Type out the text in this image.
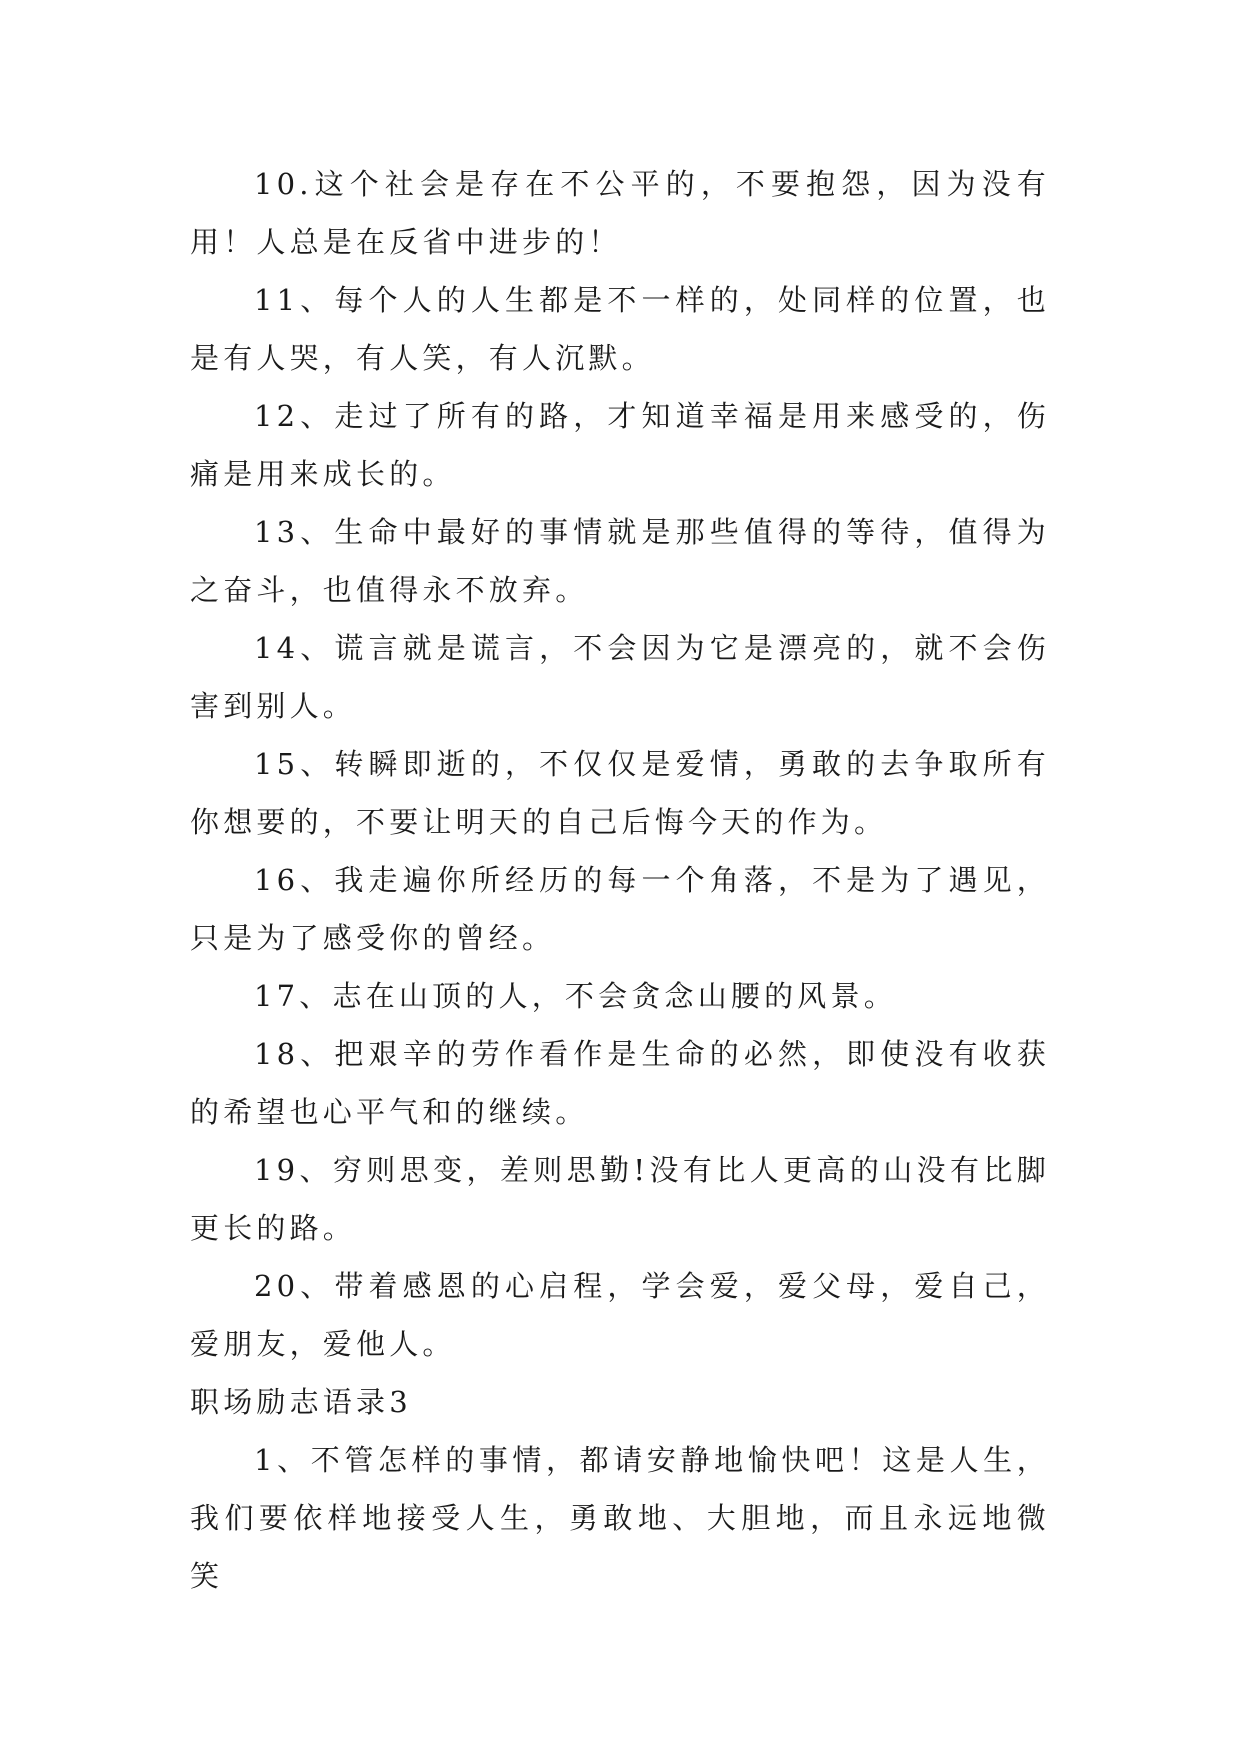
10.这个社会是存在不公平的，不要抱怨，因为没有用！人总是在反省中进步的！

11、每个人的人生都是不一样的，处同样的位置，也是有人哭，有人笑，有人沉默。

12、走过了所有的路，才知道幸福是用来感受的，伤痛是用来成长的。

13、生命中最好的事情就是那些值得的等待，值得为之奋斗，也值得永不放弃。

14、谎言就是谎言，不会因为它是漂亮的，就不会伤害到别人。

15、转瞬即逝的，不仅仅是爱情，勇敢的去争取所有你想要的，不要让明天的自己后悔今天的作为。

16、我走遍你所经历的每一个角落，不是为了遇见，只是为了感受你的曾经。

17、志在山顶的人，不会贪念山腰的风景。

18、把艰辛的劳作看作是生命的必然，即使没有收获的希望也心平气和的继续。

19、穷则思变，差则思勤!没有比人更高的山没有比脚更长的路。

20、带着感恩的心启程，学会爱，爱父母，爱自己，爱朋友，爱他人。

职场励志语录3

1、不管怎样的事情，都请安静地愉快吧！这是人生，我们要依样地接受人生，勇敢地、大胆地，而且永远地微笑
